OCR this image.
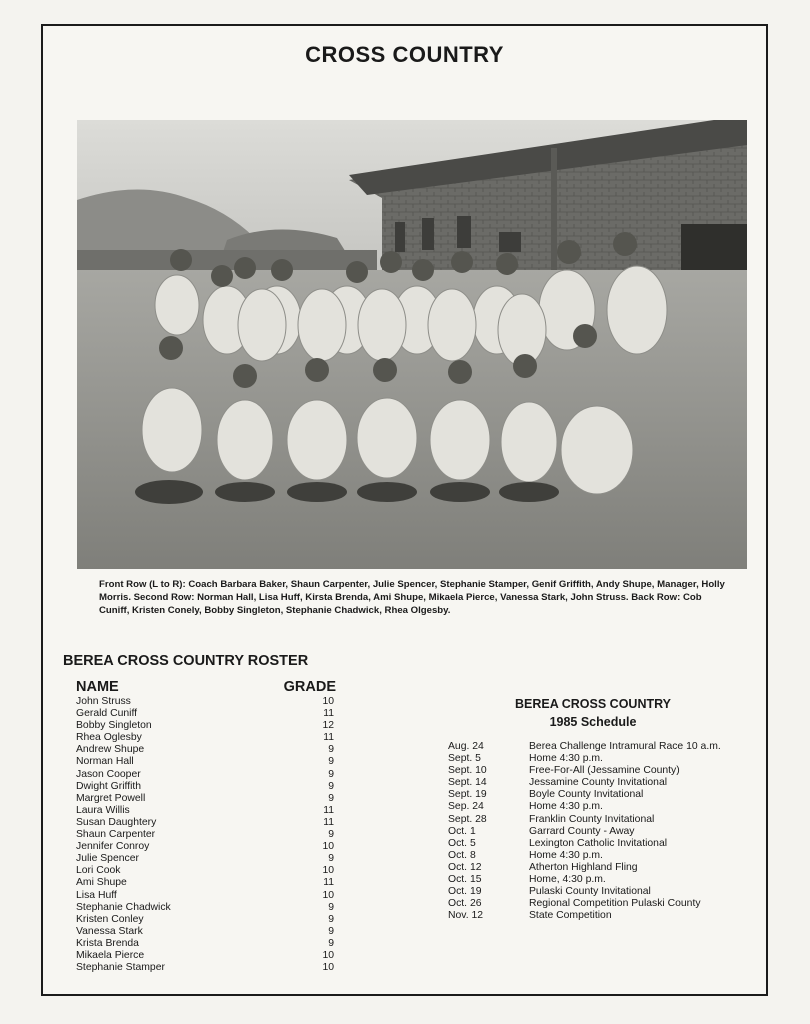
CROSS COUNTRY
Front Row (L to R): Coach Barbara Baker, Shaun Carpenter, Julie Spencer, Stephanie Stamper, Genif Griffith, Andy Shupe, Manager, Holly Morris. Second Row: Norman Hall, Lisa Huff, Kirsta Brenda, Ami Shupe, Mikaela Pierce, Vanessa Stark, John Struss. Back Row: Cob Cuniff, Kristen Conely, Bobby Singleton, Stephanie Chadwick, Rhea Olgesby.
BEREA CROSS COUNTRY ROSTER
NAME	GRADE
John Struss	10
Gerald Cuniff	11
Bobby Singleton	12
Rhea Oglesby	11
Andrew Shupe	9
Norman Hall	9
Jason Cooper	9
Dwight Griffith	9
Margret Powell	9
Laura Willis	11
Susan Daughtery	11
Shaun Carpenter	9
Jennifer Conroy	10
Julie Spencer	9
Lori Cook	10
Ami Shupe	11
Lisa Huff	10
Stephanie Chadwick	9
Kristen Conley	9
Vanessa Stark	9
Krista Brenda	9
Mikaela Pierce	10
Stephanie Stamper	10
BEREA CROSS COUNTRY
1985 Schedule
Aug. 24	Berea Challenge Intramural Race 10 a.m.
Sept. 5	Home 4:30 p.m.
Sept. 10	Free-For-All (Jessamine County)
Sept. 14	Jessamine County Invitational
Sept. 19	Boyle County Invitational
Sep. 24	Home 4:30 p.m.
Sept. 28	Franklin County Invitational
Oct. 1	Garrard County - Away
Oct. 5	Lexington Catholic Invitational
Oct. 8	Home 4:30 p.m.
Oct. 12	Atherton Highland Fling
Oct. 15	Home, 4:30 p.m.
Oct. 19	Pulaski County Invitational
Oct. 26	Regional Competition Pulaski County
Nov. 12	State Competition
